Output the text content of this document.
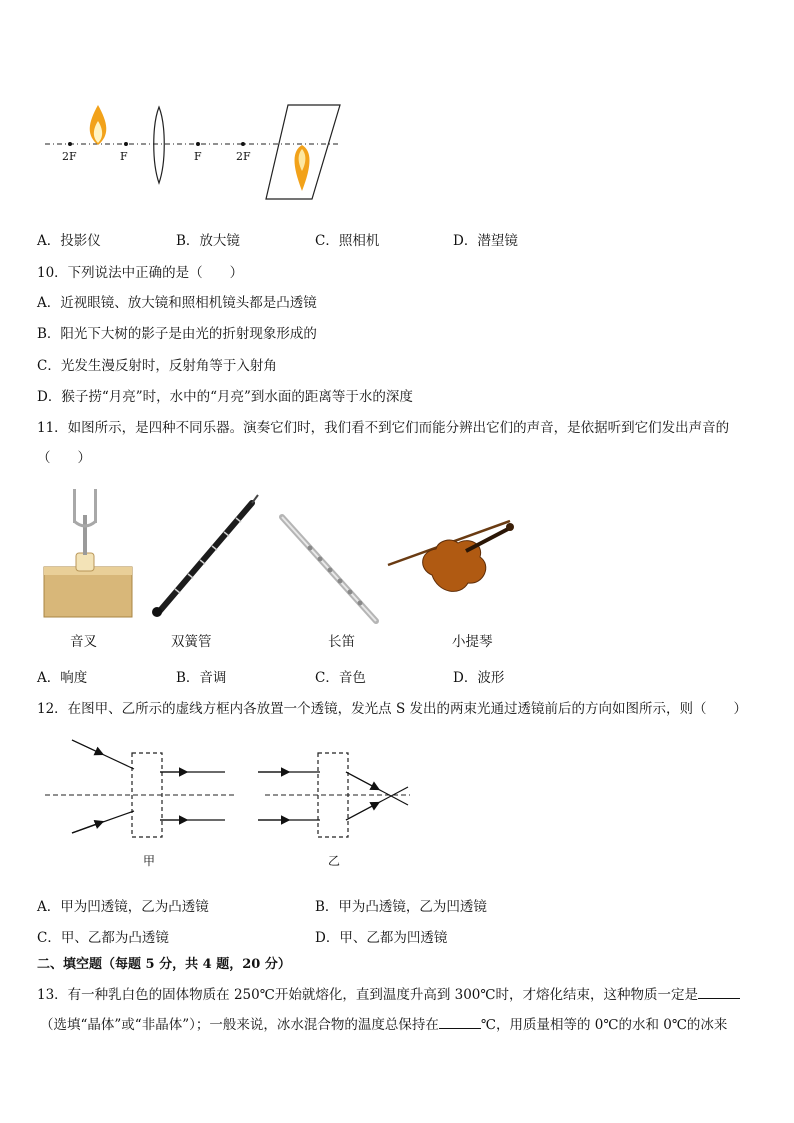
2F	F	F	2F
A．投影仪	B．放大镜	C．照相机	D．潜望镜
10．下列说法中正确的是（　　）
A．近视眼镜、放大镜和照相机镜头都是凸透镜
B．阳光下大树的影子是由光的折射现象形成的
C．光发生漫反射时，反射角等于入射角
D．猴子捞“月亮”时，水中的“月亮”到水面的距离等于水的深度
11．如图所示，是四种不同乐器。演奏它们时，我们看不到它们而能分辨出它们的声音，是依据听到它们发出声音的
（　　）
音叉	双簧管	长笛	小提琴
A．响度	B．音调	C．音色	D．波形
12．在图甲、乙所示的虚线方框内各放置一个透镜，发光点 S 发出的两束光通过透镜前后的方向如图所示，则（　　）
甲	乙
A．甲为凹透镜，乙为凸透镜	B．甲为凸透镜，乙为凹透镜
C．甲、乙都为凸透镜	D．甲、乙都为凹透镜
二、填空题（每题 5 分，共 4 题，20 分）
13．有一种乳白色的固体物质在 250℃开始就熔化，直到温度升高到 300℃时，才熔化结束，这种物质一定是
（选填“晶体”或“非晶体”）；一般来说，冰水混合物的温度总保持在	℃，用质量相等的 0℃的水和 0℃的冰来
